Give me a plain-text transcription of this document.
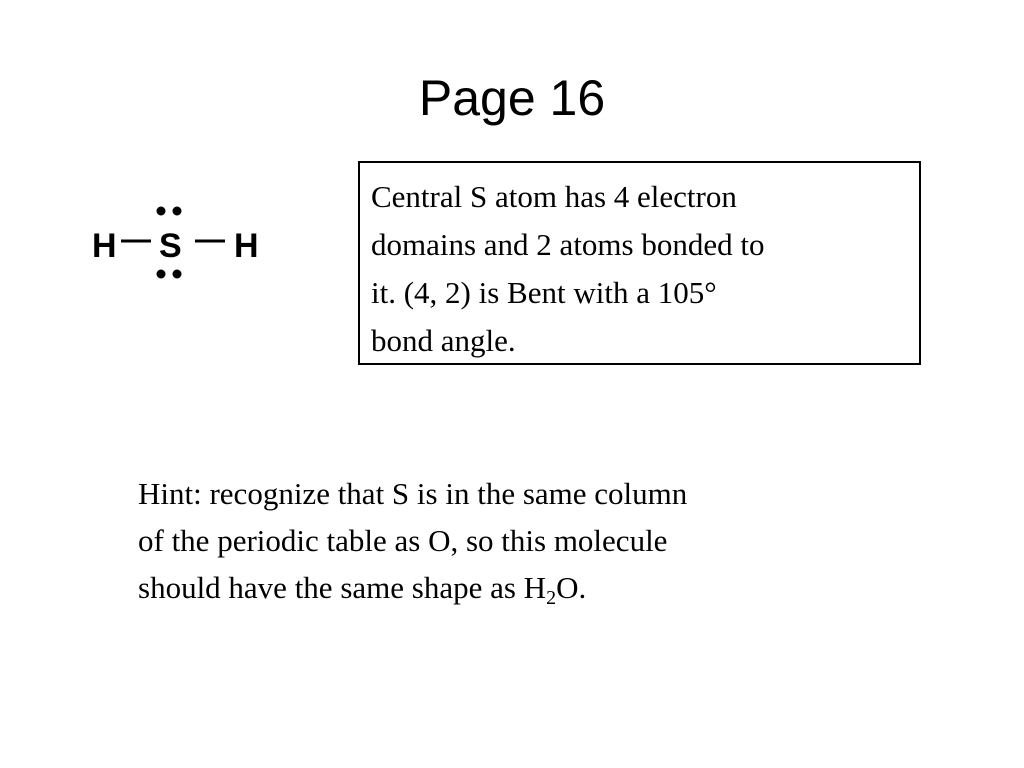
Page 16
H S H
Central S atom has 4 electron
domains and 2 atoms bonded to
it. (4, 2) is Bent with a 105°
bond angle.
Hint: recognize that S is in the same column
of the periodic table as O, so this molecule
should have the same shape as $H_2O$.
